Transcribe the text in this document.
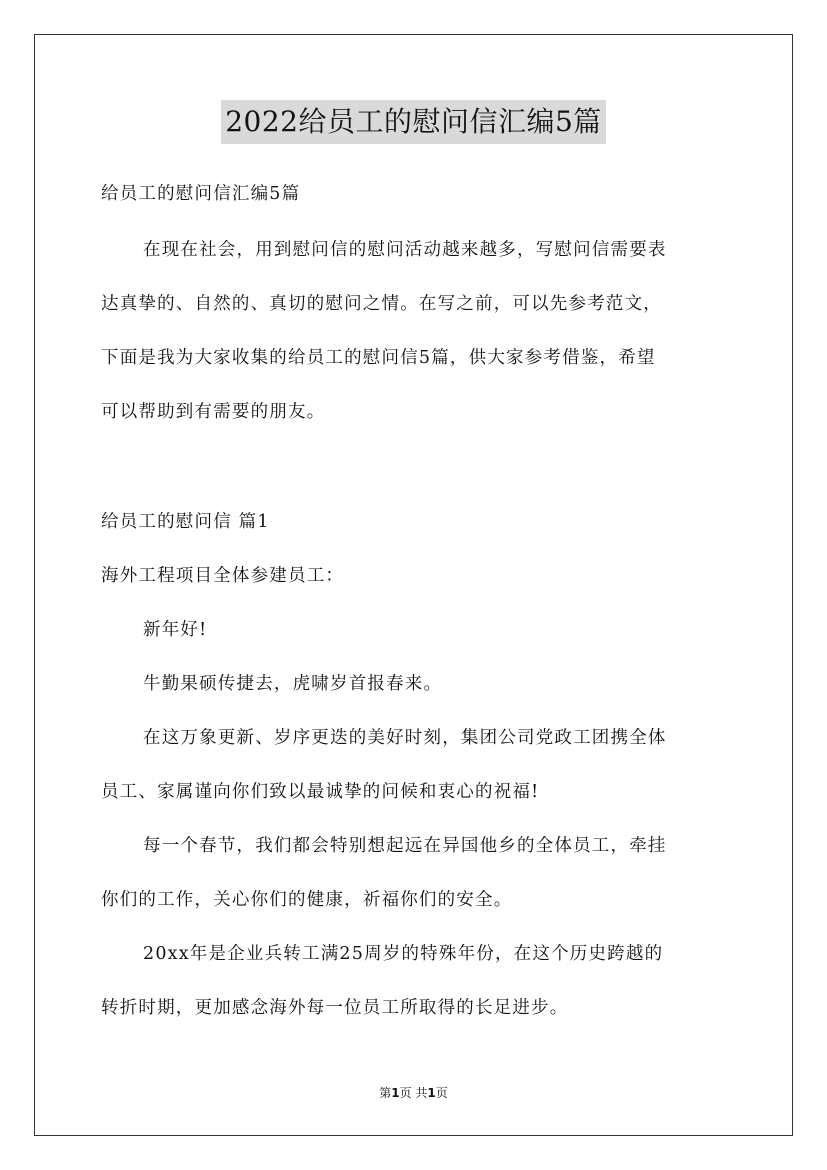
2022给员工的慰问信汇编5篇
给员工的慰问信汇编5篇
在现在社会，用到慰问信的慰问活动越来越多，写慰问信需要表
达真挚的、自然的、真切的慰问之情。在写之前，可以先参考范文，
下面是我为大家收集的给员工的慰问信5篇，供大家参考借鉴，希望
可以帮助到有需要的朋友。
给员工的慰问信 篇1
海外工程项目全体参建员工：
新年好!
牛勤果硕传捷去，虎啸岁首报春来。
在这万象更新、岁序更迭的美好时刻，集团公司党政工团携全体
员工、家属谨向你们致以最诚挚的问候和衷心的祝福!
每一个春节，我们都会特别想起远在异国他乡的全体员工，牵挂
你们的工作，关心你们的健康，祈福你们的安全。
20xx年是企业兵转工满25周岁的特殊年份，在这个历史跨越的
转折时期，更加感念海外每一位员工所取得的长足进步。
第1页 共1页
